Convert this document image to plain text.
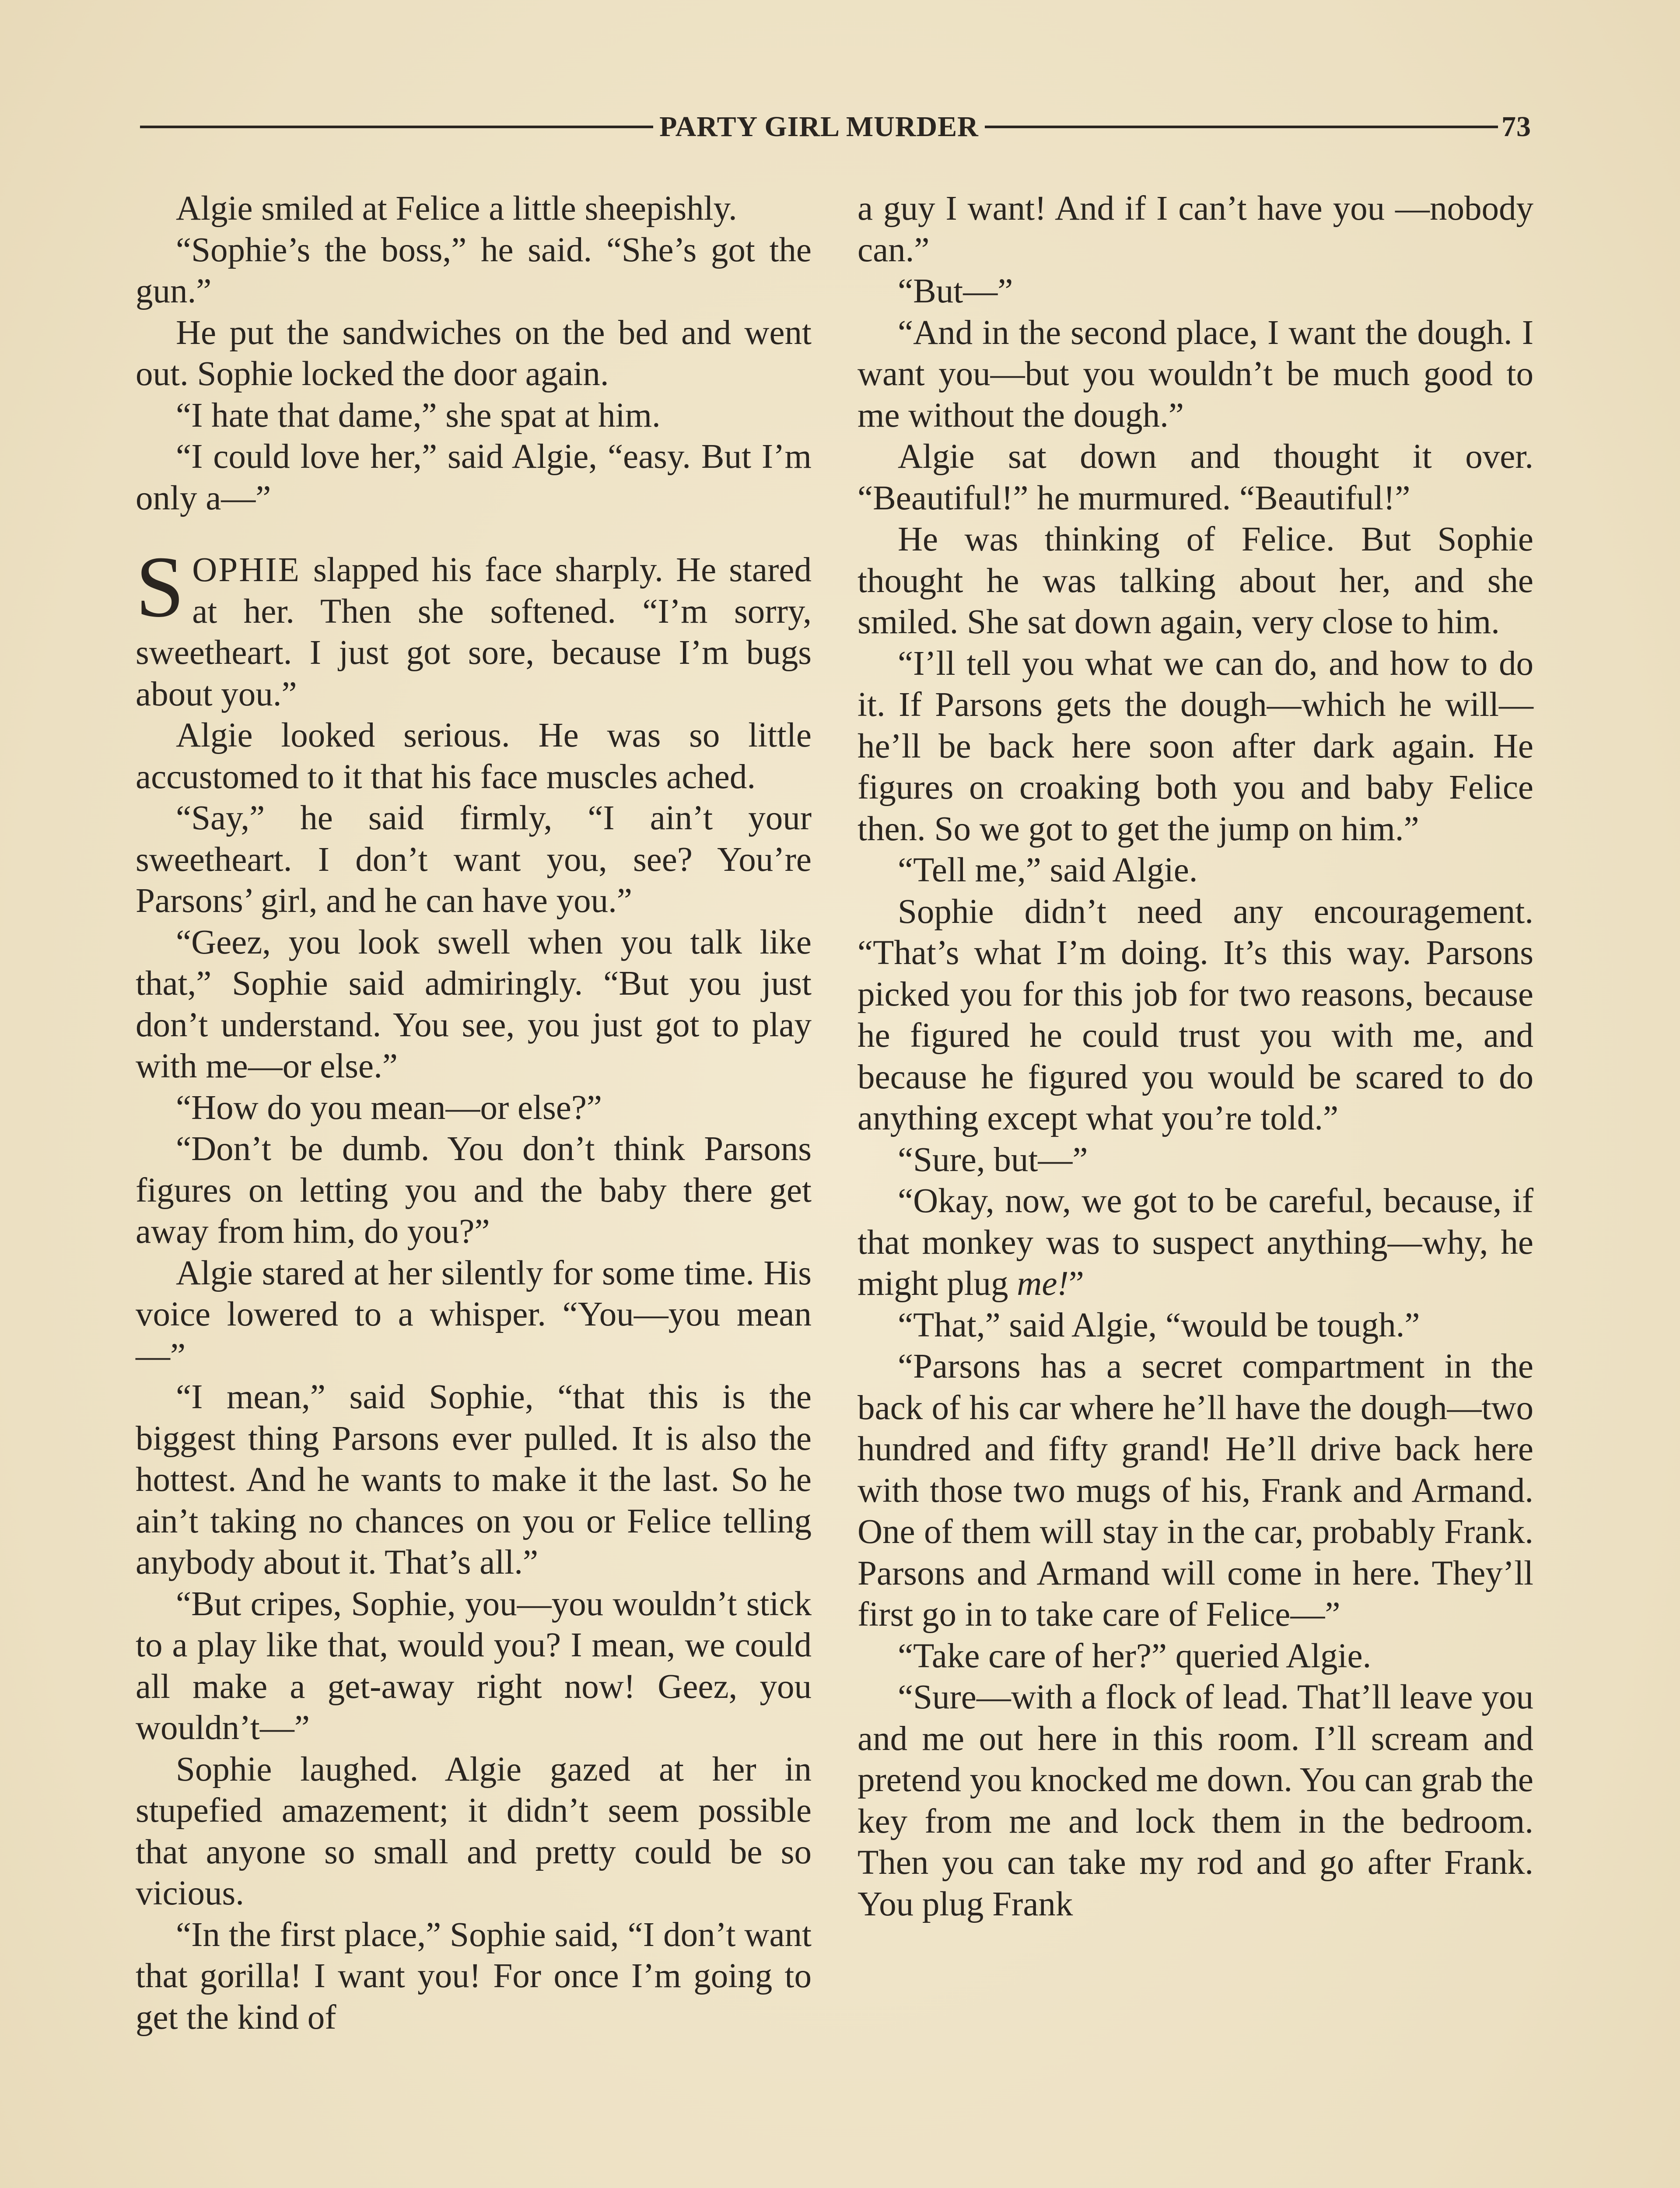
PARTY GIRL MURDER	73

Algie smiled at Felice a little sheepishly.

“Sophie’s the boss,” he said. “She’s got the gun.”

He put the sandwiches on the bed and went out. Sophie locked the door again.

“I hate that dame,” she spat at him.

“I could love her,” said Algie, “easy. But I’m only a—”

SOPHIE slapped his face sharply. He stared at her. Then she softened. “I’m sorry, sweetheart. I just got sore, because I’m bugs about you.”

Algie looked serious. He was so little accustomed to it that his face muscles ached.

“Say,” he said firmly, “I ain’t your sweetheart. I don’t want you, see? You’re Parsons’ girl, and he can have you.”

“Geez, you look swell when you talk like that,” Sophie said admiringly. “But you just don’t understand. You see, you just got to play with me—or else.”

“How do you mean—or else?”

“Don’t be dumb. You don’t think Parsons figures on letting you and the baby there get away from him, do you?”

Algie stared at her silently for some time. His voice lowered to a whisper. “You—you mean—”

“I mean,” said Sophie, “that this is the biggest thing Parsons ever pulled. It is also the hottest. And he wants to make it the last. So he ain’t taking no chances on you or Felice telling anybody about it. That’s all.”

“But cripes, Sophie, you—you wouldn’t stick to a play like that, would you? I mean, we could all make a get-away right now! Geez, you wouldn’t—”

Sophie laughed. Algie gazed at her in stupefied amazement; it didn’t seem possible that anyone so small and pretty could be so vicious.

“In the first place,” Sophie said, “I don’t want that gorilla! I want you! For once I’m going to get the kind of

a guy I want! And if I can’t have you —nobody can.”

“But—”

“And in the second place, I want the dough. I want you—but you wouldn’t be much good to me without the dough.”

Algie sat down and thought it over. “Beautiful!” he murmured. “Beautiful!”

He was thinking of Felice. But Sophie thought he was talking about her, and she smiled. She sat down again, very close to him.

“I’ll tell you what we can do, and how to do it. If Parsons gets the dough—which he will—he’ll be back here soon after dark again. He figures on croaking both you and baby Felice then. So we got to get the jump on him.”

“Tell me,” said Algie.

Sophie didn’t need any encouragement. “That’s what I’m doing. It’s this way. Parsons picked you for this job for two reasons, because he figured he could trust you with me, and because he figured you would be scared to do anything except what you’re told.”

“Sure, but—”

“Okay, now, we got to be careful, because, if that monkey was to suspect anything—why, he might plug me!”

“That,” said Algie, “would be tough.”

“Parsons has a secret compartment in the back of his car where he’ll have the dough—two hundred and fifty grand! He’ll drive back here with those two mugs of his, Frank and Armand. One of them will stay in the car, probably Frank. Parsons and Armand will come in here. They’ll first go in to take care of Felice—”

“Take care of her?” queried Algie.

“Sure—with a flock of lead. That’ll leave you and me out here in this room. I’ll scream and pretend you knocked me down. You can grab the key from me and lock them in the bedroom. Then you can take my rod and go after Frank. You plug Frank
